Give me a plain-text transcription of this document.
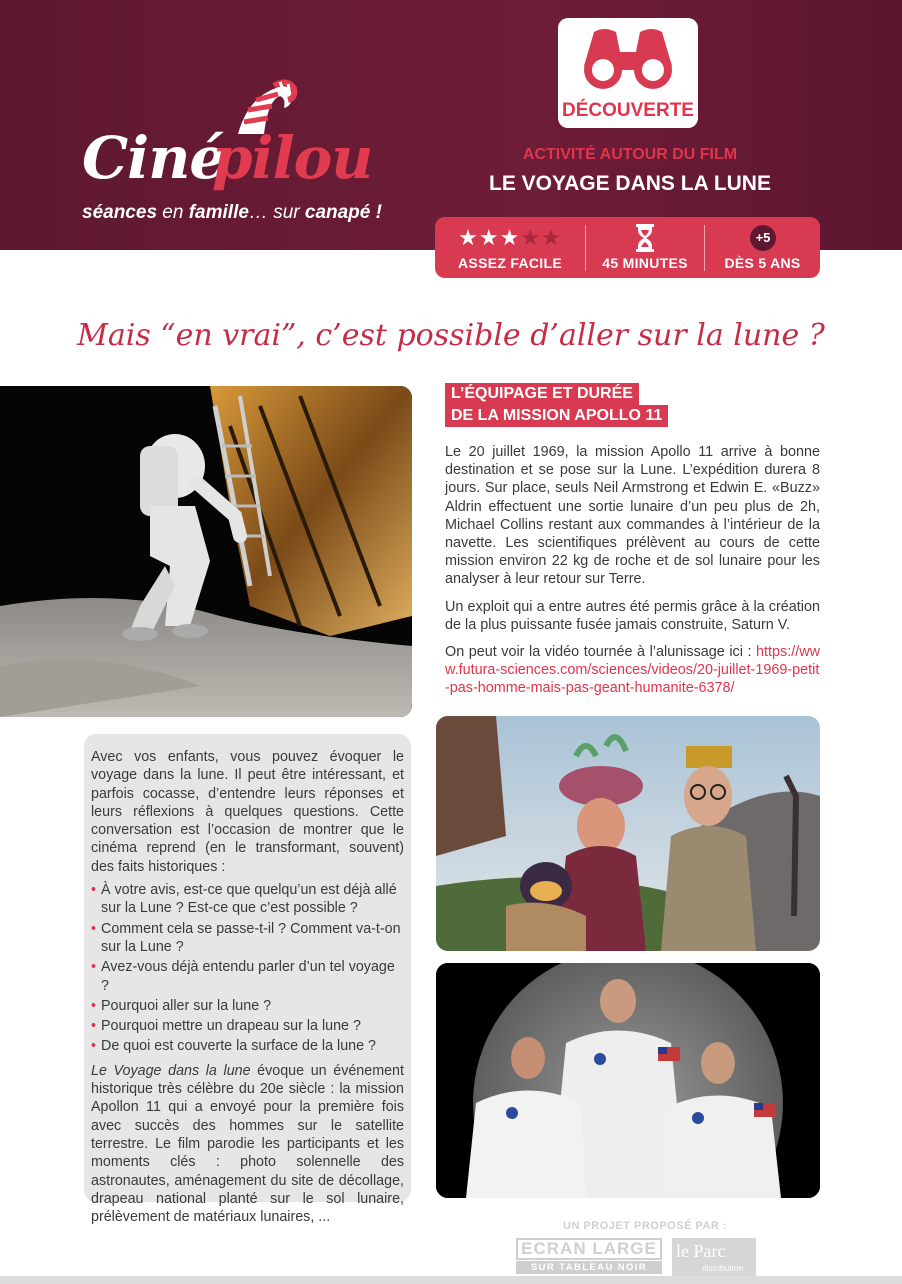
Ciné
pilou
séances en famille… sur canapé !
DÉCOUVERTE
ACTIVITÉ AUTOUR DU FILM
LE VOYAGE DANS LA LUNE
★★★★★
ASSEZ FACILE	45 MINUTES
+5
DÈS 5 ANS
Mais “en vrai”, c’est possible d’aller sur la lune ?
L’ÉQUIPAGE ET DURÉE
DE LA MISSION APOLLO 11

Le 20 juillet 1969, la mission Apollo 11 arrive à bonne destination et se pose sur la Lune. L’expédition durera 8 jours. Sur place, seuls Neil Armstrong et Edwin E. «Buzz» Aldrin effectuent une sortie lunaire d’un peu plus de 2h, Michael Collins restant aux commandes à l’intérieur de la navette. Les scientifiques prélèvent au cours de cette mission environ 22 kg de roche et de sol lunaire pour les analyser à leur retour sur Terre.

Un exploit qui a entre autres été permis grâce à la création de la plus puissante fusée jamais construite, Saturn V.

On peut voir la vidéo tournée à l’alunissage ici : https://www.futura-sciences.com/sciences/videos/20-juillet-1969-petit-pas-homme-mais-pas-geant-humanite-6378/

Avec vos enfants, vous pouvez évoquer le voyage dans la lune. Il peut être intéressant, et parfois cocasse, d’entendre leurs réponses et leurs réflexions à quelques questions. Cette conversation est l’occasion de montrer que le cinéma reprend (en le transformant, souvent) des faits historiques :

• À votre avis, est-ce que quelqu’un est déjà allé sur la Lune ? Est-ce que c’est possible ?
• Comment cela se passe-t-il ? Comment va-t-on sur la Lune ?
• Avez-vous déjà entendu parler d’un tel voyage ?
• Pourquoi aller sur la lune ?
• Pourquoi mettre un drapeau sur la lune ?
• De quoi est couverte la surface de la lune ?

Le Voyage dans la lune évoque un événement historique très célèbre du 20e siècle : la mission Apollon 11 qui a envoyé pour la première fois avec succès des hommes sur le satellite terrestre. Le film parodie les participants et les moments clés : photo solennelle des astronautes, aménagement du site de décollage, drapeau national planté sur le sol lunaire, prélèvement de matériaux lunaires, ...

UN PROJET PROPOSÉ PAR :
ECRAN LARGE
SUR TABLEAU NOIR
le Parc
distribution
